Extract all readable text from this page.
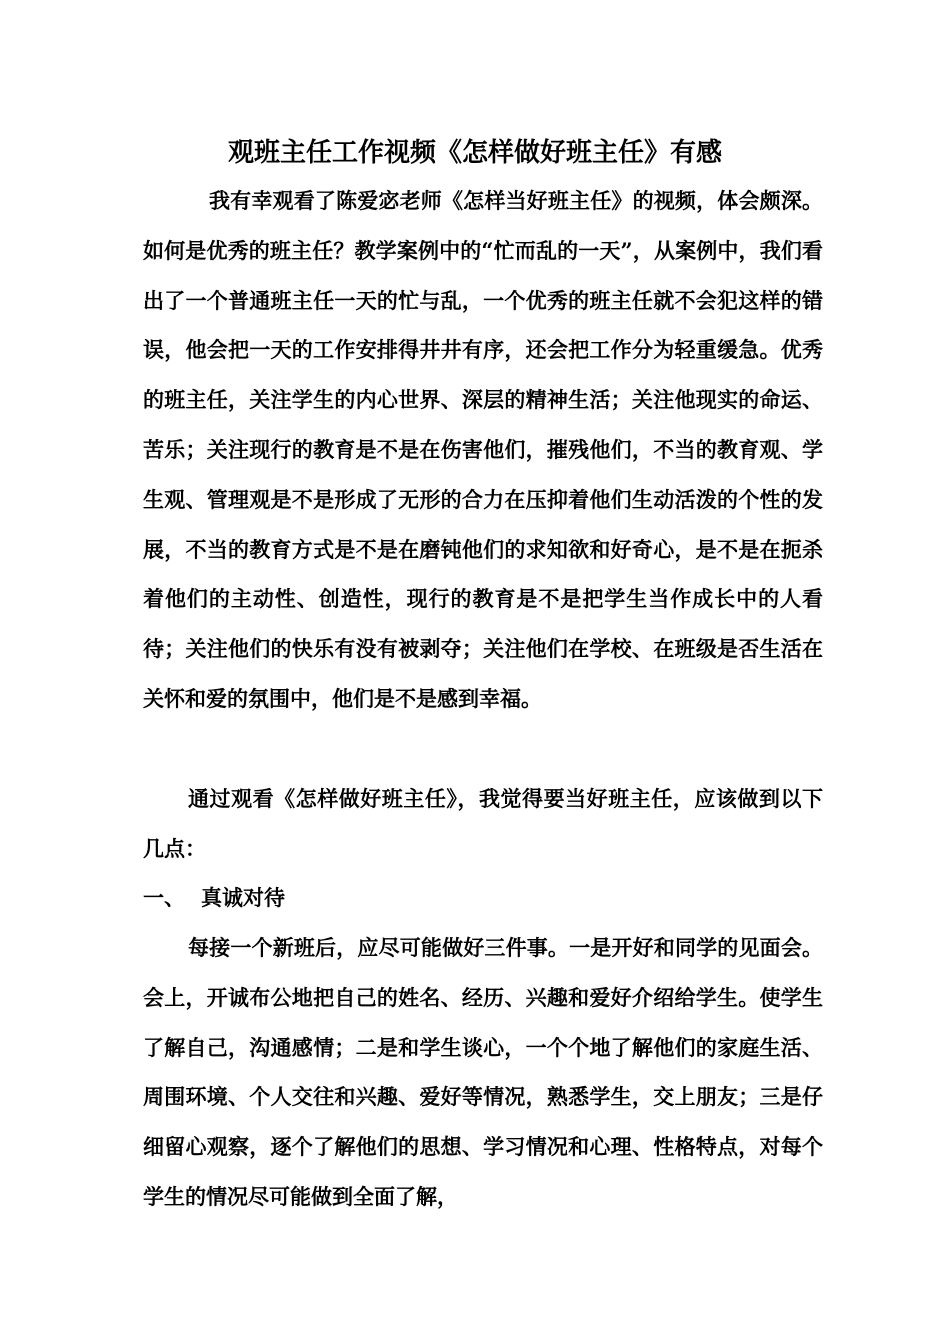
观班主任工作视频《怎样做好班主任》有感
我有幸观看了陈爱宓老师《怎样当好班主任》的视频，体会颇深。如何是优秀的班主任？教学案例中的“忙而乱的一天”，从案例中，我们看出了一个普通班主任一天的忙与乱，一个优秀的班主任就不会犯这样的错误，他会把一天的工作安排得井井有序，还会把工作分为轻重缓急。优秀的班主任，关注学生的内心世界、深层的精神生活；关注他现实的命运、苦乐；关注现行的教育是不是在伤害他们，摧残他们，不当的教育观、学生观、管理观是不是形成了无形的合力在压抑着他们生动活泼的个性的发展，不当的教育方式是不是在磨钝他们的求知欲和好奇心，是不是在扼杀着他们的主动性、创造性，现行的教育是不是把学生当作成长中的人看待；关注他们的快乐有没有被剥夺；关注他们在学校、在班级是否生活在关怀和爱的氛围中，他们是不是感到幸福。
通过观看《怎样做好班主任》，我觉得要当好班主任，应该做到以下几点：
一、 真诚对待
每接一个新班后，应尽可能做好三件事。一是开好和同学的见面会。会上，开诚布公地把自己的姓名、经历、兴趣和爱好介绍给学生。使学生了解自己，沟通感情；二是和学生谈心，一个个地了解他们的家庭生活、周围环境、个人交往和兴趣、爱好等情况，熟悉学生，交上朋友；三是仔细留心观察，逐个了解他们的思想、学习情况和心理、性格特点，对每个学生的情况尽可能做到全面了解，
